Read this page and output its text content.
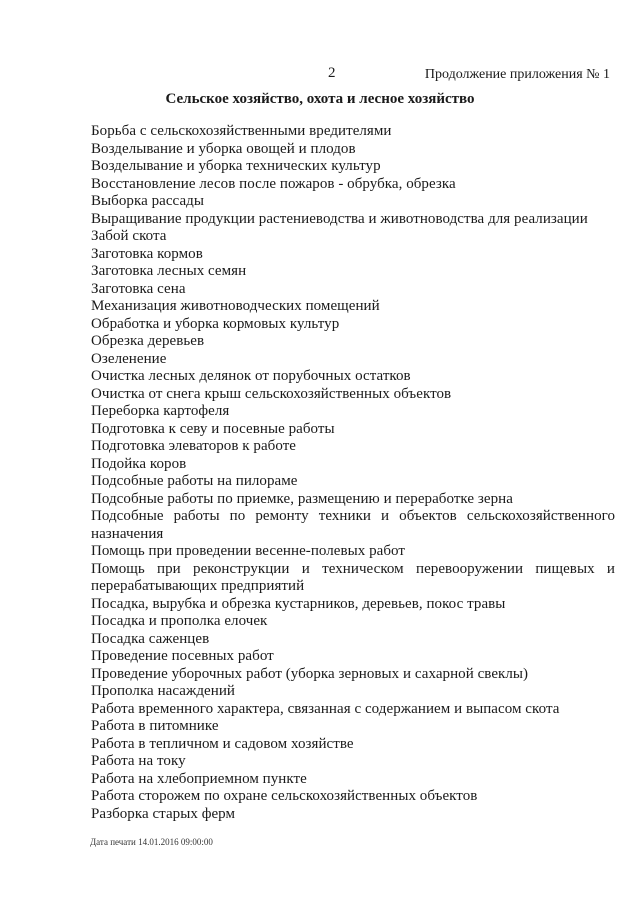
2	Продолжение приложения № 1
Сельское хозяйство, охота и лесное хозяйство
Борьба с сельскохозяйственными вредителями
Возделывание и уборка овощей и плодов
Возделывание и уборка технических культур
Восстановление лесов после пожаров - обрубка, обрезка
Выборка рассады
Выращивание продукции растениеводства и животноводства для реализации
Забой скота
Заготовка кормов
Заготовка лесных семян
Заготовка сена
Механизация животноводческих помещений
Обработка и уборка кормовых культур
Обрезка деревьев
Озеленение
Очистка лесных делянок от порубочных остатков
Очистка от снега крыш сельскохозяйственных объектов
Переборка картофеля
Подготовка к севу и посевные работы
Подготовка элеваторов к работе
Подойка коров
Подсобные работы на пилораме
Подсобные работы по приемке, размещению и переработке зерна
Подсобные работы по ремонту техники и объектов сельскохозяйственного назначения
Помощь при проведении весенне-полевых работ
Помощь при реконструкции и техническом перевооружении пищевых и перерабатывающих предприятий
Посадка, вырубка и обрезка кустарников, деревьев, покос травы
Посадка и прополка елочек
Посадка саженцев
Проведение посевных работ
Проведение уборочных работ (уборка зерновых и сахарной свеклы)
Прополка насаждений
Работа временного характера, связанная с содержанием и выпасом скота
Работа в питомнике
Работа в тепличном и садовом хозяйстве
Работа на току
Работа на хлебоприемном пункте
Работа сторожем по охране сельскохозяйственных объектов
Разборка старых ферм
Дата печати 14.01.2016 09:00:00
